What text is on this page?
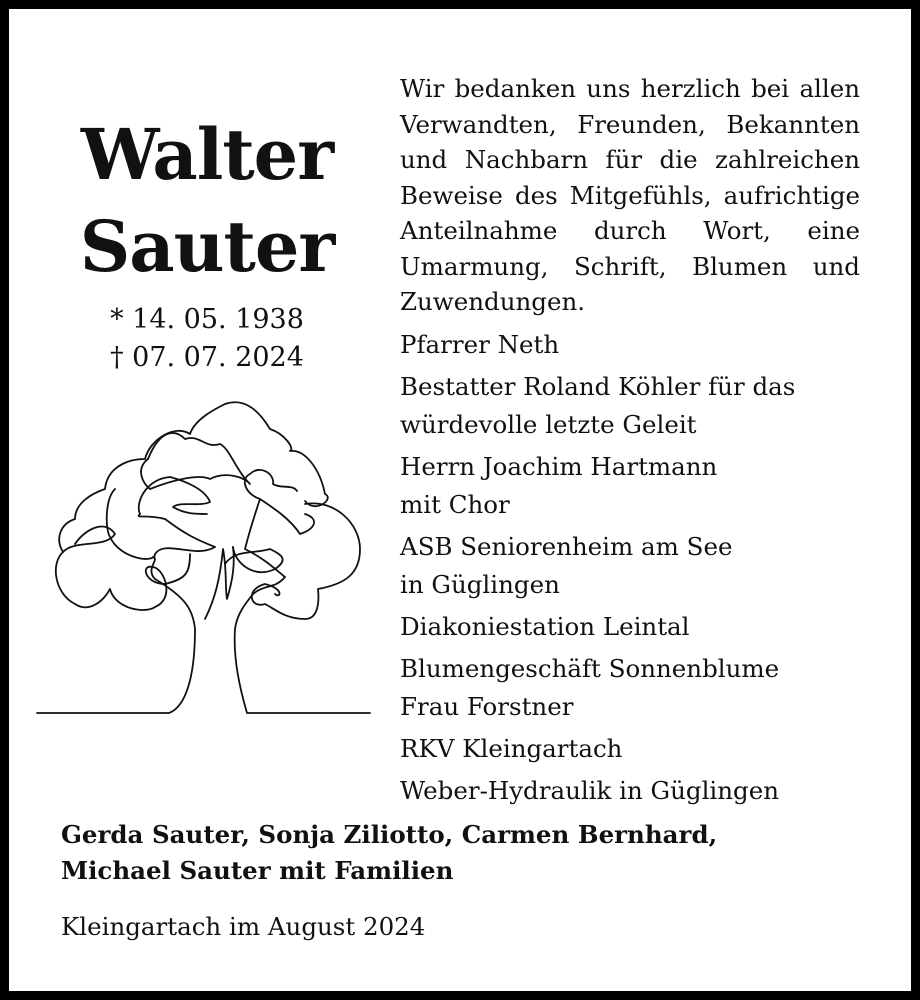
Walter
Sauter
* 14. 05. 1938
† 07. 07. 2024

Wir bedanken uns herzlich bei allen Verwandten, Freunden, Bekannten und Nachbarn für die zahlreichen Beweise des Mitgefühls, aufrichtige Anteilnahme durch Wort, eine Umarmung, Schrift, Blumen und Zuwendungen.

Pfarrer Neth
Bestatter Roland Köhler für das
würdevolle letzte Geleit
Herrn Joachim Hartmann
mit Chor
ASB Seniorenheim am See
in Güglingen
Diakoniestation Leintal
Blumengeschäft Sonnenblume
Frau Forstner
RKV Kleingartach
Weber-Hydraulik in Güglingen
Gerda Sauter, Sonja Ziliotto, Carmen Bernhard,
Michael Sauter mit Familien
Kleingartach im August 2024
